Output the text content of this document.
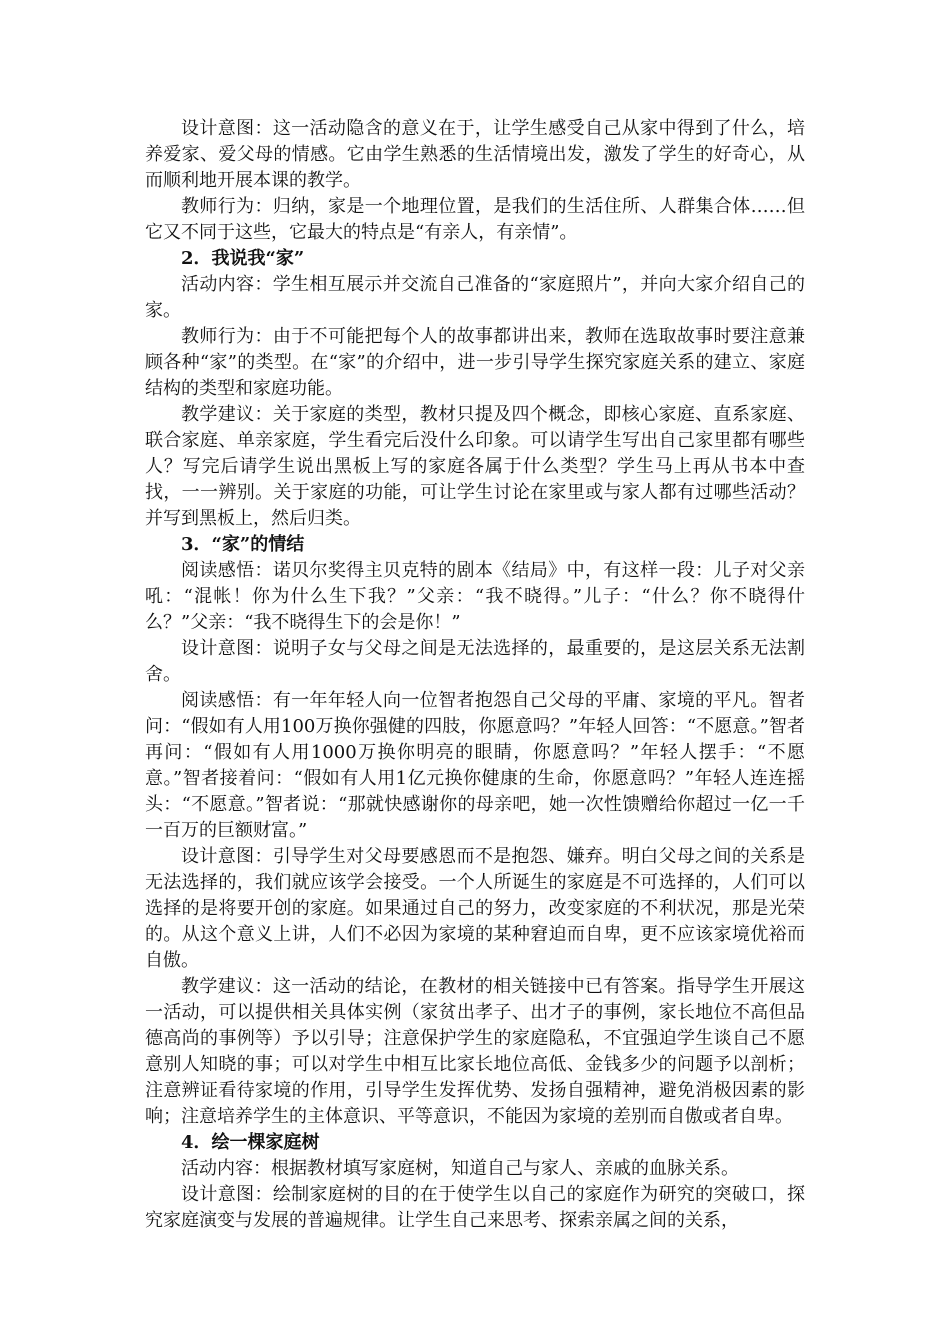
设计意图：这一活动隐含的意义在于，让学生感受自己从家中得到了什么，培养爱家、爱父母的情感。它由学生熟悉的生活情境出发，激发了学生的好奇心，从而顺利地开展本课的教学。

教师行为：归纳，家是一个地理位置，是我们的生活住所、人群集合体……但它又不同于这些，它最大的特点是“有亲人，有亲情”。

2．我说我“家”

活动内容：学生相互展示并交流自己准备的“家庭照片”，并向大家介绍自己的家。

教师行为：由于不可能把每个人的故事都讲出来，教师在选取故事时要注意兼顾各种“家”的类型。在“家”的介绍中，进一步引导学生探究家庭关系的建立、家庭结构的类型和家庭功能。

教学建议：关于家庭的类型，教材只提及四个概念，即核心家庭、直系家庭、联合家庭、单亲家庭，学生看完后没什么印象。可以请学生写出自己家里都有哪些人？写完后请学生说出黑板上写的家庭各属于什么类型？学生马上再从书本中查找，一一辨别。关于家庭的功能，可让学生讨论在家里或与家人都有过哪些活动？并写到黑板上，然后归类。

3．“家”的情结

阅读感悟：诺贝尔奖得主贝克特的剧本《结局》中，有这样一段：儿子对父亲吼：“混帐！你为什么生下我？”父亲：“我不晓得。”儿子：“什么？你不晓得什么？”父亲：“我不晓得生下的会是你！”

设计意图：说明子女与父母之间是无法选择的，最重要的，是这层关系无法割舍。

阅读感悟：有一年年轻人向一位智者抱怨自己父母的平庸、家境的平凡。智者问：“假如有人用100万换你强健的四肢，你愿意吗？”年轻人回答：“不愿意。”智者再问：“假如有人用1000万换你明亮的眼睛，你愿意吗？”年轻人摆手：“不愿意。”智者接着问：“假如有人用1亿元换你健康的生命，你愿意吗？”年轻人连连摇头：“不愿意。”智者说：“那就快感谢你的母亲吧，她一次性馈赠给你超过一亿一千一百万的巨额财富。”

设计意图：引导学生对父母要感恩而不是抱怨、嫌弃。明白父母之间的关系是无法选择的，我们就应该学会接受。一个人所诞生的家庭是不可选择的，人们可以选择的是将要开创的家庭。如果通过自己的努力，改变家庭的不利状况，那是光荣的。从这个意义上讲，人们不必因为家境的某种窘迫而自卑，更不应该家境优裕而自傲。

教学建议：这一活动的结论，在教材的相关链接中已有答案。指导学生开展这一活动，可以提供相关具体实例（家贫出孝子、出才子的事例，家长地位不高但品德高尚的事例等）予以引导；注意保护学生的家庭隐私，不宜强迫学生谈自己不愿意别人知晓的事；可以对学生中相互比家长地位高低、金钱多少的问题予以剖析；注意辨证看待家境的作用，引导学生发挥优势、发扬自强精神，避免消极因素的影响；注意培养学生的主体意识、平等意识，不能因为家境的差别而自傲或者自卑。

4．绘一棵家庭树

活动内容：根据教材填写家庭树，知道自己与家人、亲戚的血脉关系。

设计意图：绘制家庭树的目的在于使学生以自己的家庭作为研究的突破口，探究家庭演变与发展的普遍规律。让学生自己来思考、探索亲属之间的关系，
